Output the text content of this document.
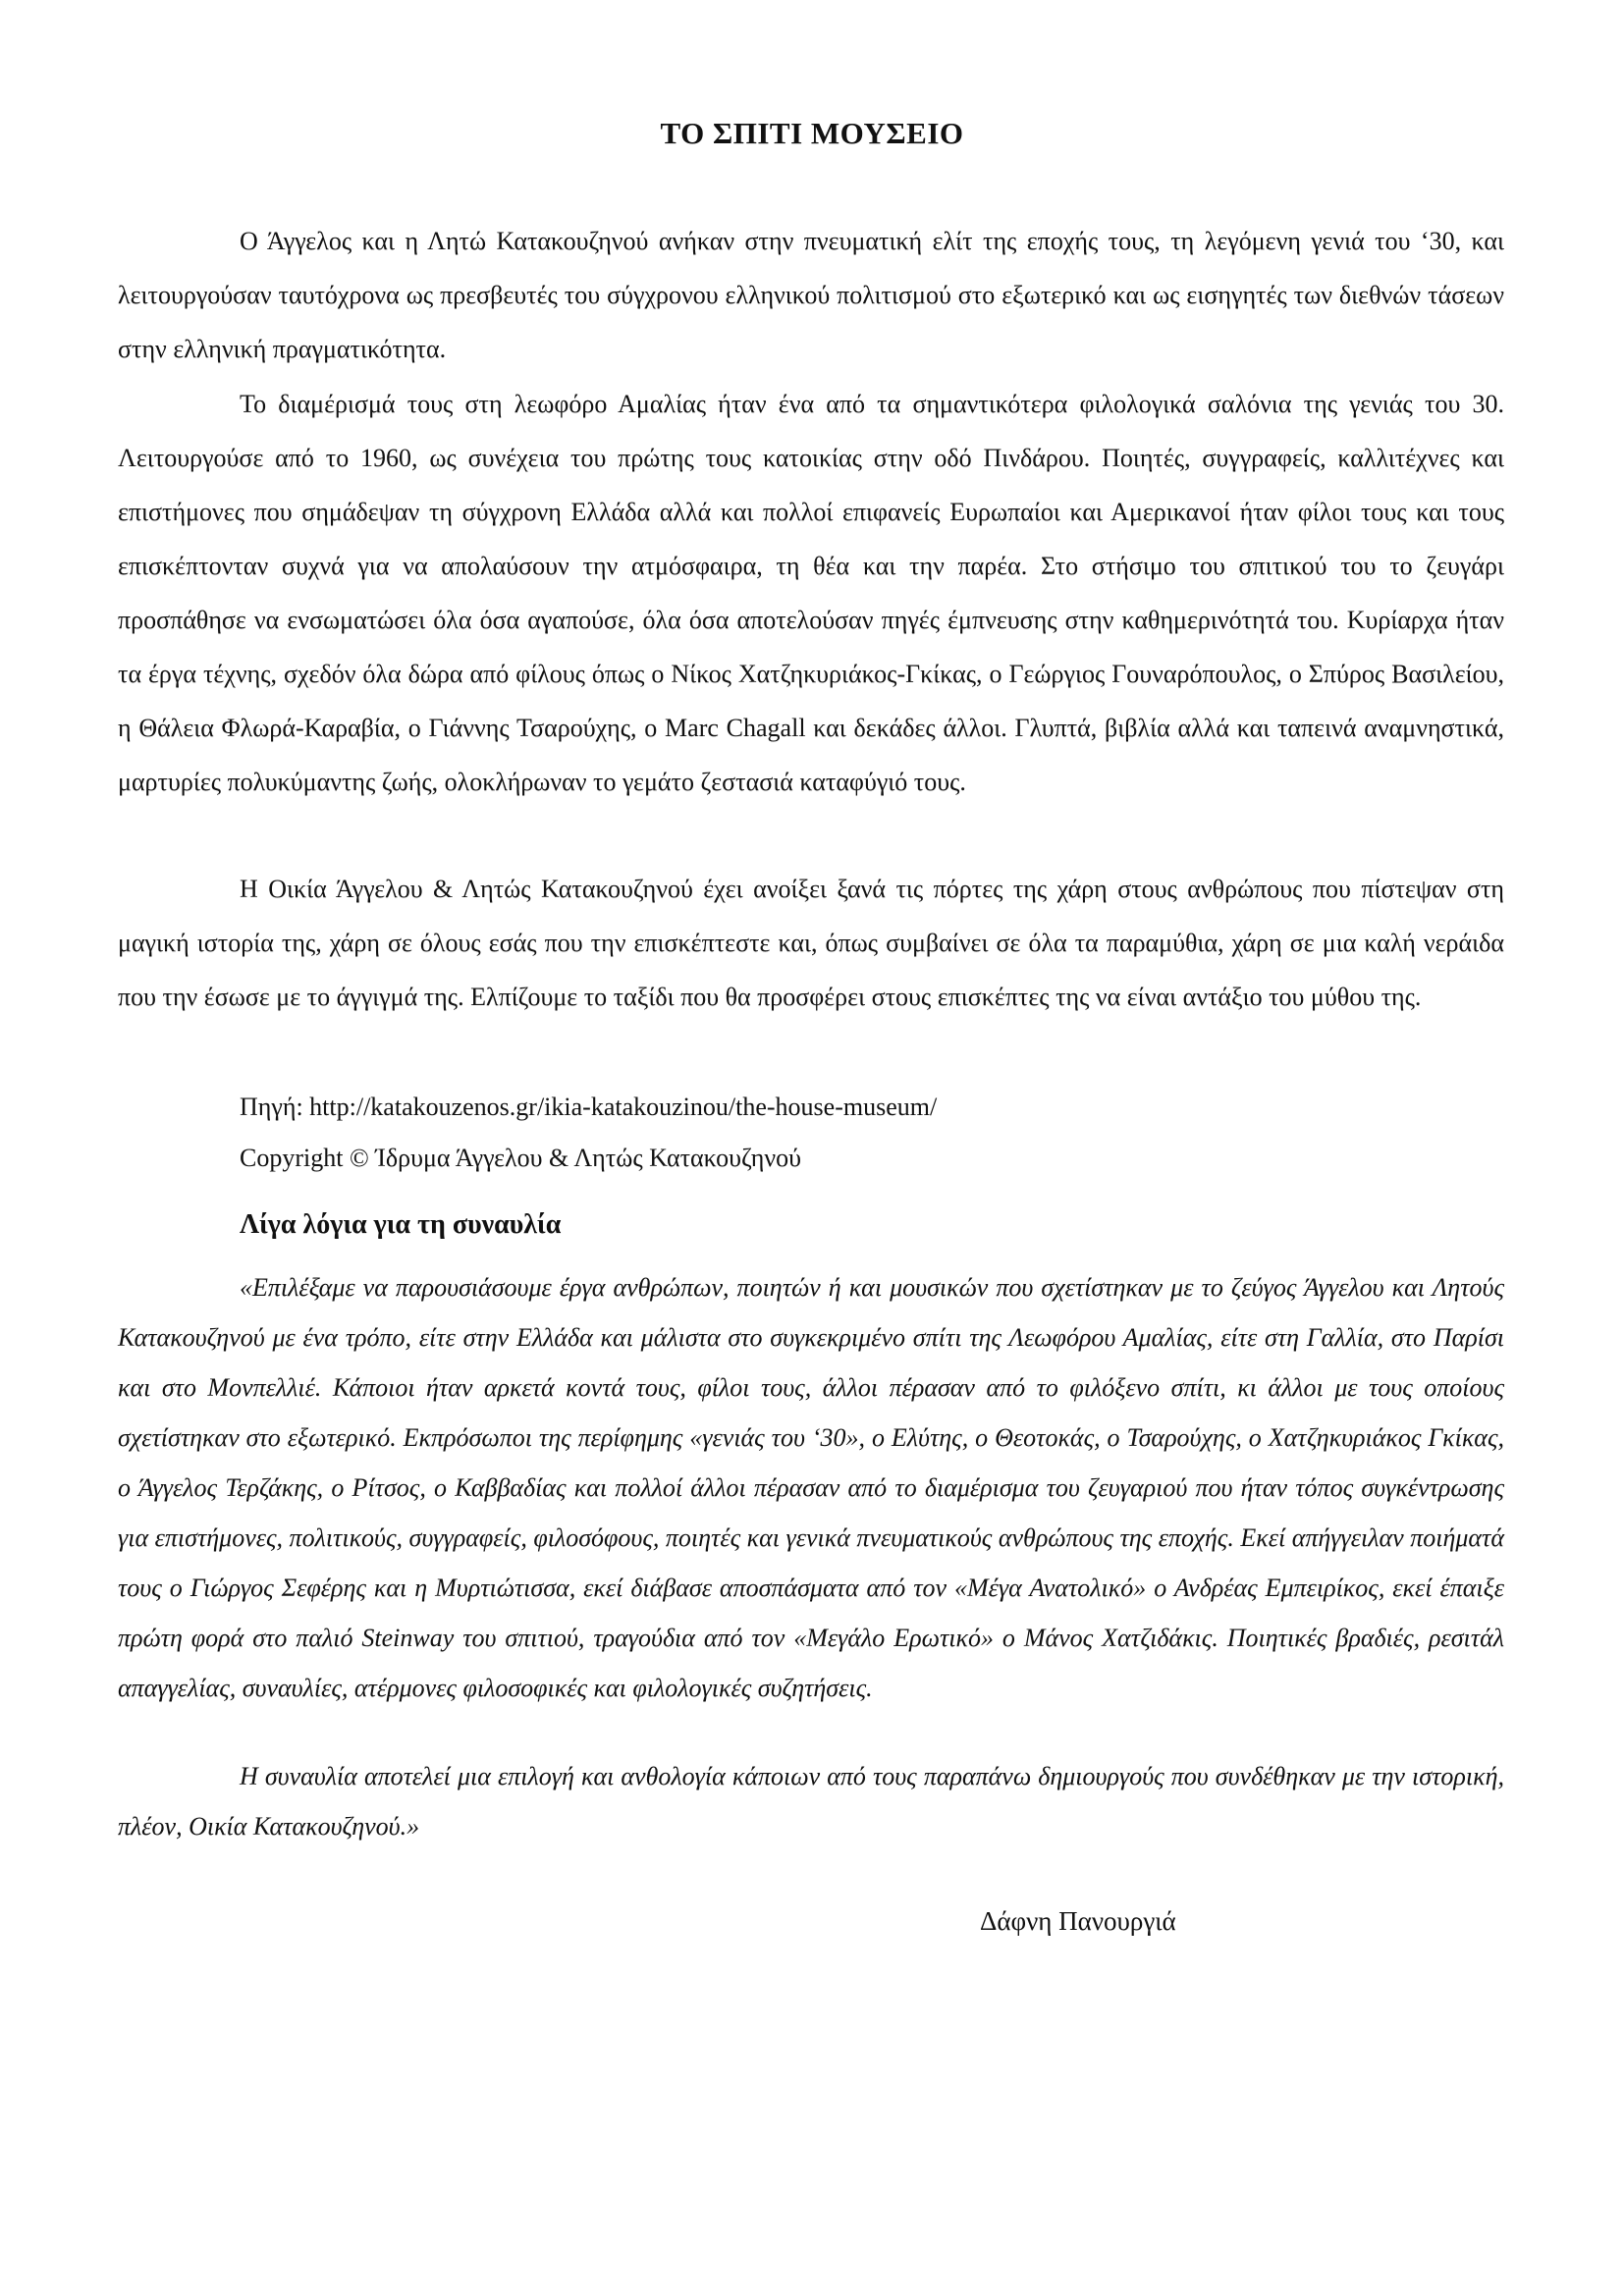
ΤΟ ΣΠΙΤΙ ΜΟΥΣΕΙΟ

Ο Άγγελος και η Λητώ Κατακουζηνού ανήκαν στην πνευματική ελίτ της εποχής τους, τη λεγόμενη γενιά του ‘30, και λειτουργούσαν ταυτόχρονα ως πρεσβευτές του σύγχρονου ελληνικού πολιτισμού στο εξωτερικό και ως εισηγητές των διεθνών τάσεων στην ελληνική πραγματικότητα.

Το διαμέρισμά τους στη λεωφόρο Αμαλίας ήταν ένα από τα σημαντικότερα φιλολογικά σαλόνια της γενιάς του 30. Λειτουργούσε από το 1960, ως συνέχεια του πρώτης τους κατοικίας στην οδό Πινδάρου. Ποιητές, συγγραφείς, καλλιτέχνες και επιστήμονες που σημάδεψαν τη σύγχρονη Ελλάδα αλλά και πολλοί επιφανείς Ευρωπαίοι και Αμερικανοί ήταν φίλοι τους και τους επισκέπτονταν συχνά για να απολαύσουν την ατμόσφαιρα, τη θέα και την παρέα. Στο στήσιμο του σπιτικού του το ζευγάρι προσπάθησε να ενσωματώσει όλα όσα αγαπούσε, όλα όσα αποτελούσαν πηγές έμπνευσης στην καθημερινότητά του. Κυρίαρχα ήταν τα έργα τέχνης, σχεδόν όλα δώρα από φίλους όπως ο Νίκος Χατζηκυριάκος-Γκίκας, ο Γεώργιος Γουναρόπουλος, ο Σπύρος Βασιλείου, η Θάλεια Φλωρά-Καραβία, ο Γιάννης Τσαρούχης, ο Marc Chagall και δεκάδες άλλοι. Γλυπτά, βιβλία αλλά και ταπεινά αναμνηστικά, μαρτυρίες πολυκύμαντης ζωής, ολοκλήρωναν το γεμάτο ζεστασιά καταφύγιό τους.

Η Οικία Άγγελου & Λητώς Κατακουζηνού έχει ανοίξει ξανά τις πόρτες της χάρη στους ανθρώπους που πίστεψαν στη μαγική ιστορία της, χάρη σε όλους εσάς που την επισκέπτεστε και, όπως συμβαίνει σε όλα τα παραμύθια, χάρη σε μια καλή νεράιδα που την έσωσε με το άγγιγμά της. Ελπίζουμε το ταξίδι που θα προσφέρει στους επισκέπτες της να είναι αντάξιο του μύθου της.

Πηγή: http://katakouzenos.gr/ikia-katakouzinou/the-house-museum/
Copyright © Ίδρυμα Άγγελου & Λητώς Κατακουζηνού
Λίγα λόγια για τη συναυλία

«Επιλέξαμε να παρουσιάσουμε έργα ανθρώπων, ποιητών ή και μουσικών που σχετίστηκαν με το ζεύγος Άγγελου και Λητούς Κατακουζηνού με ένα τρόπο, είτε στην Ελλάδα και μάλιστα στο συγκεκριμένο σπίτι της Λεωφόρου Αμαλίας, είτε στη Γαλλία, στο Παρίσι και στο Μονπελλιέ. Κάποιοι ήταν αρκετά κοντά τους, φίλοι τους, άλλοι πέρασαν από το φιλόξενο σπίτι, κι άλλοι με τους οποίους σχετίστηκαν στο εξωτερικό. Εκπρόσωποι της περίφημης «γενιάς του ‘30», ο Ελύτης, ο Θεοτοκάς, ο Τσαρούχης, ο Χατζηκυριάκος Γκίκας, ο Άγγελος Τερζάκης, ο Ρίτσος, ο Καββαδίας και πολλοί άλλοι πέρασαν από το διαμέρισμα του ζευγαριού που ήταν τόπος συγκέντρωσης για επιστήμονες, πολιτικούς, συγγραφείς, φιλοσόφους, ποιητές και γενικά πνευματικούς ανθρώπους της εποχής. Εκεί απήγγειλαν ποιήματά τους ο Γιώργος Σεφέρης και η Μυρτιώτισσα, εκεί διάβασε αποσπάσματα από τον «Μέγα Ανατολικό» ο Ανδρέας Εμπειρίκος, εκεί έπαιξε πρώτη φορά στο παλιό Steinway του σπιτιού, τραγούδια από τον «Μεγάλο Ερωτικό» ο Μάνος Χατζιδάκις. Ποιητικές βραδιές, ρεσιτάλ απαγγελίας, συναυλίες, ατέρμονες φιλοσοφικές και φιλολογικές συζητήσεις.

Η συναυλία αποτελεί μια επιλογή και ανθολογία κάποιων από τους παραπάνω δημιουργούς που συνδέθηκαν με την ιστορική, πλέον, Οικία Κατακουζηνού.»

Δάφνη Πανουργιά
